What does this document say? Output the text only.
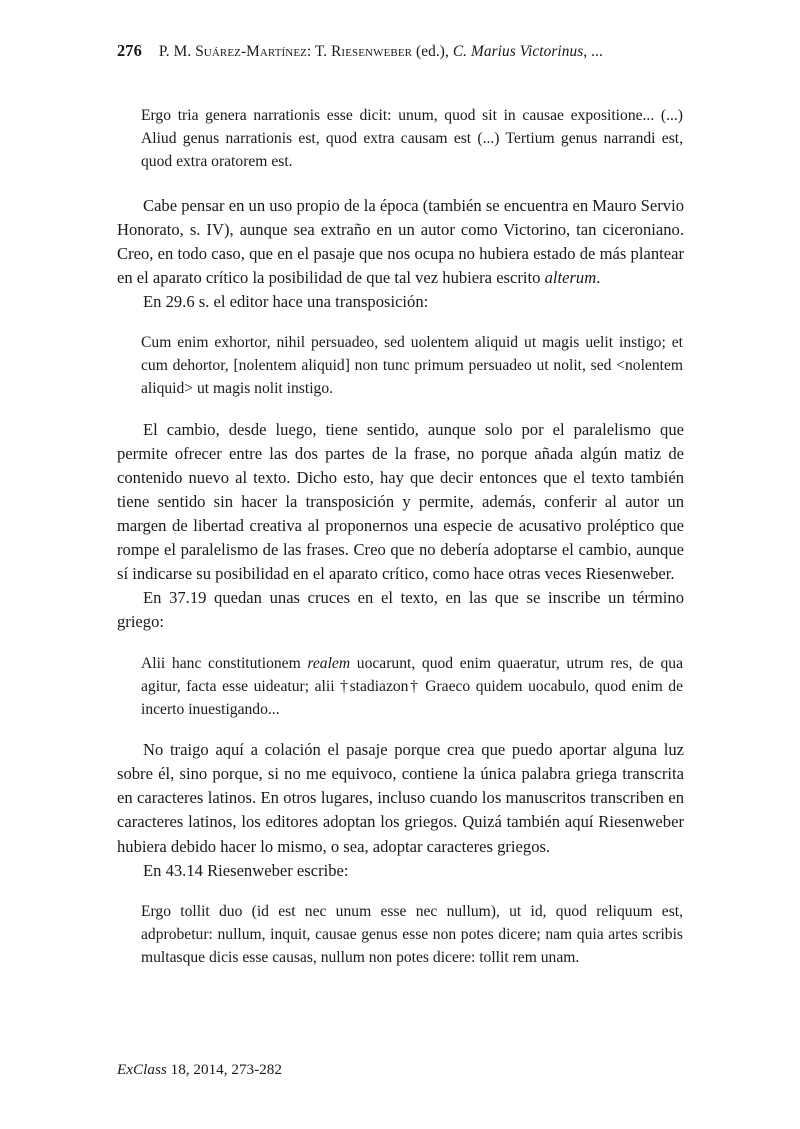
276 P. M. Suárez-Martínez: T. Riesenweber (ed.), C. Marius Victorinus, ...

Ergo tria genera narrationis esse dicit: unum, quod sit in causae expositione... (...) Aliud genus narrationis est, quod extra causam est (...) Tertium genus narrandi est, quod extra oratorem est.

Cabe pensar en un uso propio de la época (también se encuentra en Mauro Servio Honorato, s. IV), aunque sea extraño en un autor como Victorino, tan ciceroniano. Creo, en todo caso, que en el pasaje que nos ocupa no hubiera estado de más plantear en el aparato crítico la posibilidad de que tal vez hubiera escrito alterum.

En 29.6 s. el editor hace una transposición:

Cum enim exhortor, nihil persuadeo, sed uolentem aliquid ut magis uelit instigo; et cum dehortor, [nolentem aliquid] non tunc primum persuadeo ut nolit, sed <nolentem aliquid> ut magis nolit instigo.

El cambio, desde luego, tiene sentido, aunque solo por el paralelismo que permite ofrecer entre las dos partes de la frase, no porque añada algún matiz de contenido nuevo al texto. Dicho esto, hay que decir entonces que el texto también tiene sentido sin hacer la transposición y permite, además, conferir al autor un margen de libertad creativa al proponernos una especie de acusativo proléptico que rompe el paralelismo de las frases. Creo que no debería adoptarse el cambio, aunque sí indicarse su posibilidad en el aparato crítico, como hace otras veces Riesenweber.

En 37.19 quedan unas cruces en el texto, en las que se inscribe un término griego:

Alii hanc constitutionem realem uocarunt, quod enim quaeratur, utrum res, de qua agitur, facta esse uideatur; alii †stadiazon† Graeco quidem uocabulo, quod enim de incerto inuestigando...

No traigo aquí a colación el pasaje porque crea que puedo aportar alguna luz sobre él, sino porque, si no me equivoco, contiene la única palabra griega transcrita en caracteres latinos. En otros lugares, incluso cuando los manuscritos transcriben en caracteres latinos, los editores adoptan los griegos. Quizá también aquí Riesenweber hubiera debido hacer lo mismo, o sea, adoptar caracteres griegos.

En 43.14 Riesenweber escribe:

Ergo tollit duo (id est nec unum esse nec nullum), ut id, quod reliquum est, adprobetur: nullum, inquit, causae genus esse non potes dicere; nam quia artes scribis multasque dicis esse causas, nullum non potes dicere: tollit rem unam.

ExClass 18, 2014, 273-282
